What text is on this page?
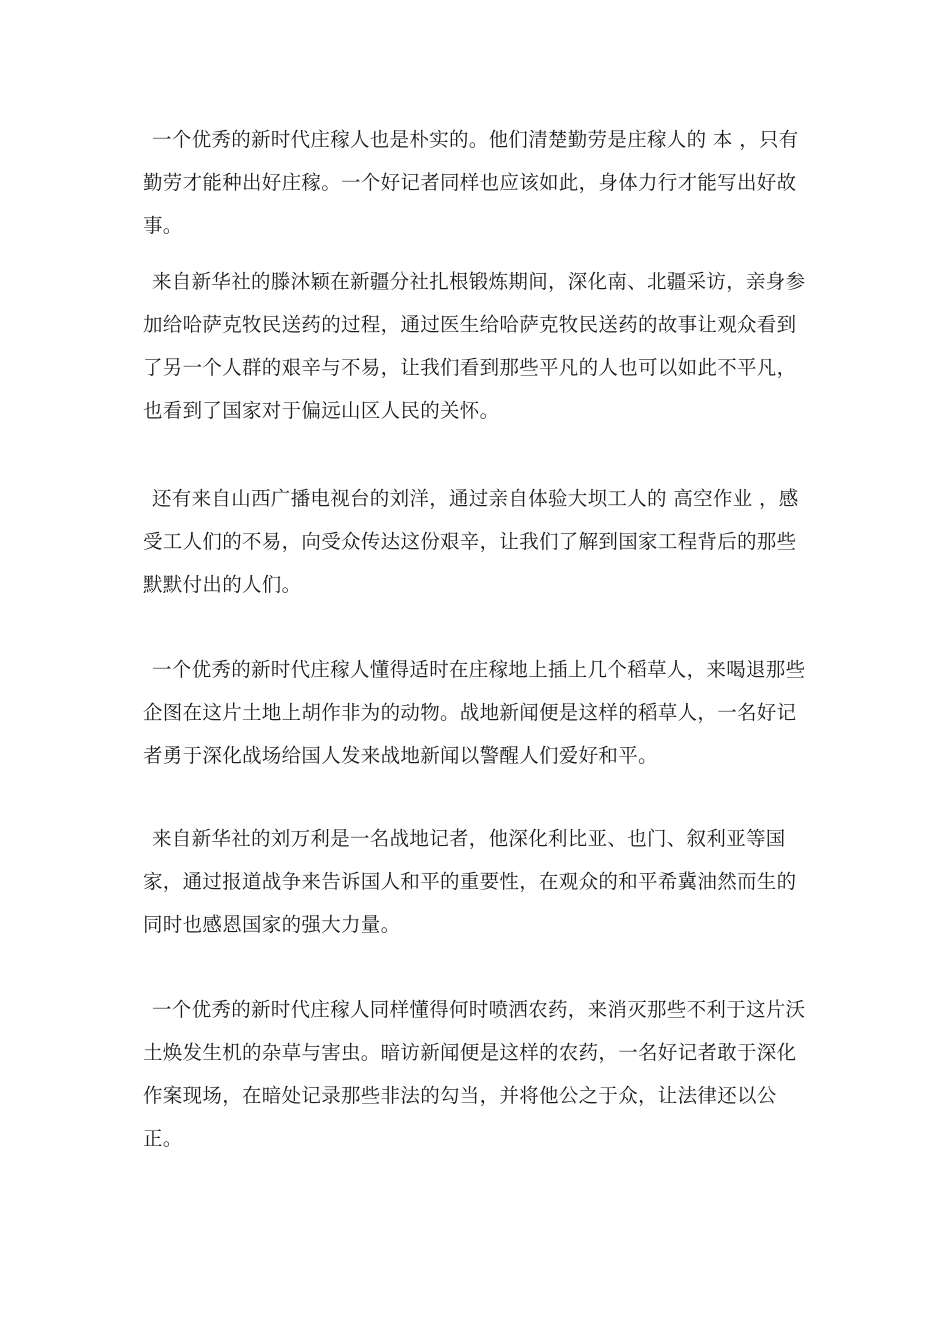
一个优秀的新时代庄稼人也是朴实的。他们清楚勤劳是庄稼人的 本 ，只有勤劳才能种出好庄稼。一个好记者同样也应该如此，身体力行才能写出好故事。

来自新华社的滕沐颖在新疆分社扎根锻炼期间，深化南、北疆采访，亲身参加给哈萨克牧民送药的过程，通过医生给哈萨克牧民送药的故事让观众看到了另一个人群的艰辛与不易，让我们看到那些平凡的人也可以如此不平凡，也看到了国家对于偏远山区人民的关怀。

还有来自山西广播电视台的刘洋，通过亲自体验大坝工人的 高空作业 ，感受工人们的不易，向受众传达这份艰辛，让我们了解到国家工程背后的那些默默付出的人们。

一个优秀的新时代庄稼人懂得适时在庄稼地上插上几个稻草人，来喝退那些企图在这片土地上胡作非为的动物。战地新闻便是这样的稻草人，一名好记者勇于深化战场给国人发来战地新闻以警醒人们爱好和平。

来自新华社的刘万利是一名战地记者，他深化利比亚、也门、叙利亚等国家，通过报道战争来告诉国人和平的重要性，在观众的和平希冀油然而生的同时也感恩国家的强大力量。

一个优秀的新时代庄稼人同样懂得何时喷洒农药，来消灭那些不利于这片沃土焕发生机的杂草与害虫。暗访新闻便是这样的农药，一名好记者敢于深化作案现场，在暗处记录那些非法的勾当，并将他公之于众，让法律还以公正。
